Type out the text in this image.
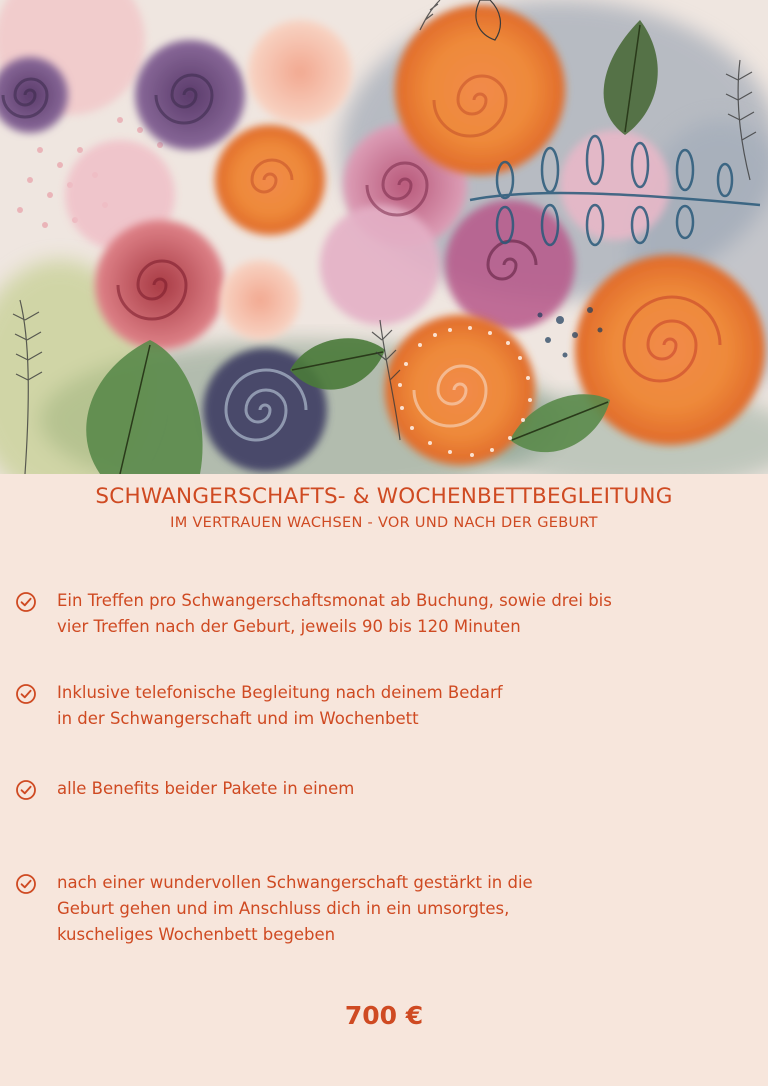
SCHWANGERSCHAFTS- & WOCHENBETTBEGLEITUNG
IM VERTRAUEN WACHSEN - VOR UND NACH DER GEBURT
Ein Treffen pro Schwangerschaftsmonat ab Buchung, sowie drei bis
vier Treffen nach der Geburt, jeweils 90 bis 120 Minuten
Inklusive telefonische Begleitung nach deinem Bedarf
in der Schwangerschaft und im Wochenbett
alle Benefits beider Pakete in einem
nach einer wundervollen Schwangerschaft gestärkt in die
Geburt gehen und im Anschluss dich in ein umsorgtes,
kuscheliges Wochenbett begeben
700 €
